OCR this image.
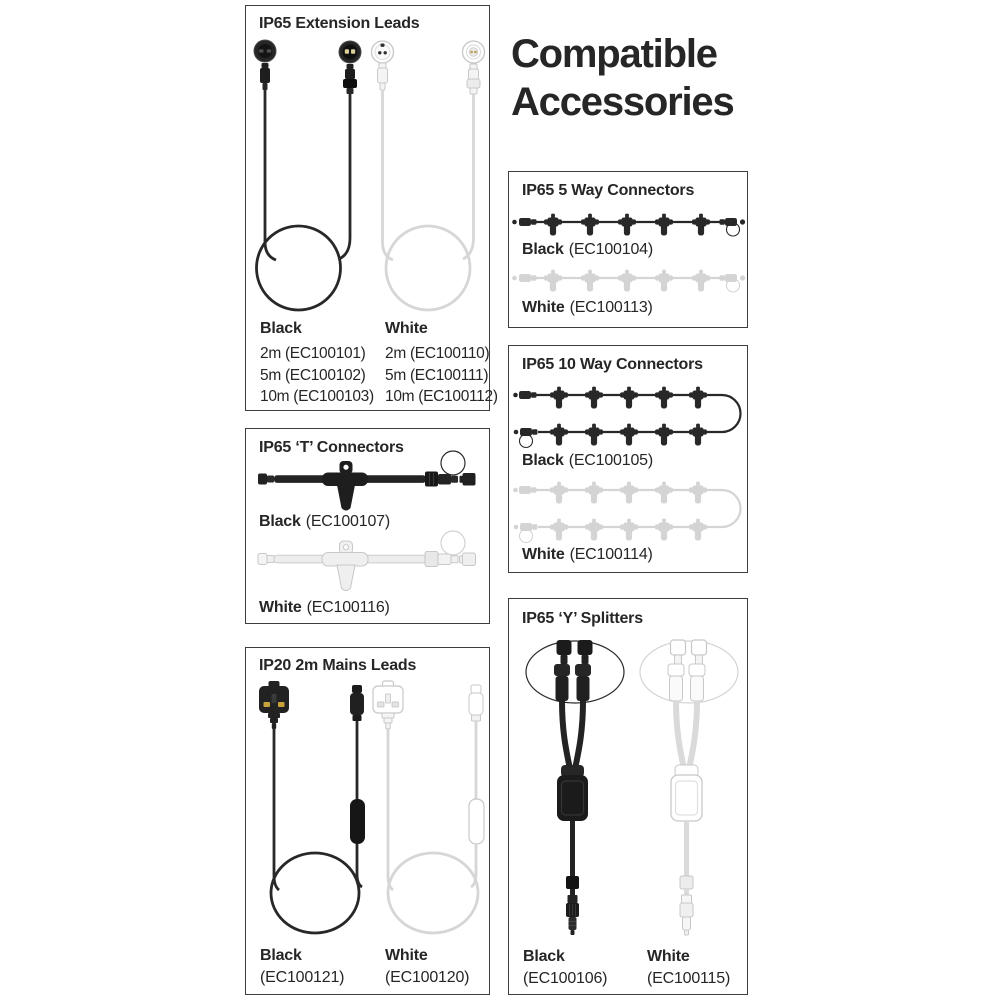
Compatible
Accessories
IP65 Extension Leads
Black
2m (EC100101)
5m (EC100102)
10m (EC100103)
White
2m (EC100110)
5m (EC100111)
10m (EC100112)
IP65 5 Way Connectors
Black (EC100104)
White (EC100113)
IP65 10 Way Connectors
Black (EC100105)
White (EC100114)
IP65 ‘T’ Connectors
Black (EC100107)
White (EC100116)
IP20 2m Mains Leads
Black
(EC100121)
White
(EC100120)
IP65 ‘Y’ Splitters
Black
(EC100106)
White
(EC100115)
